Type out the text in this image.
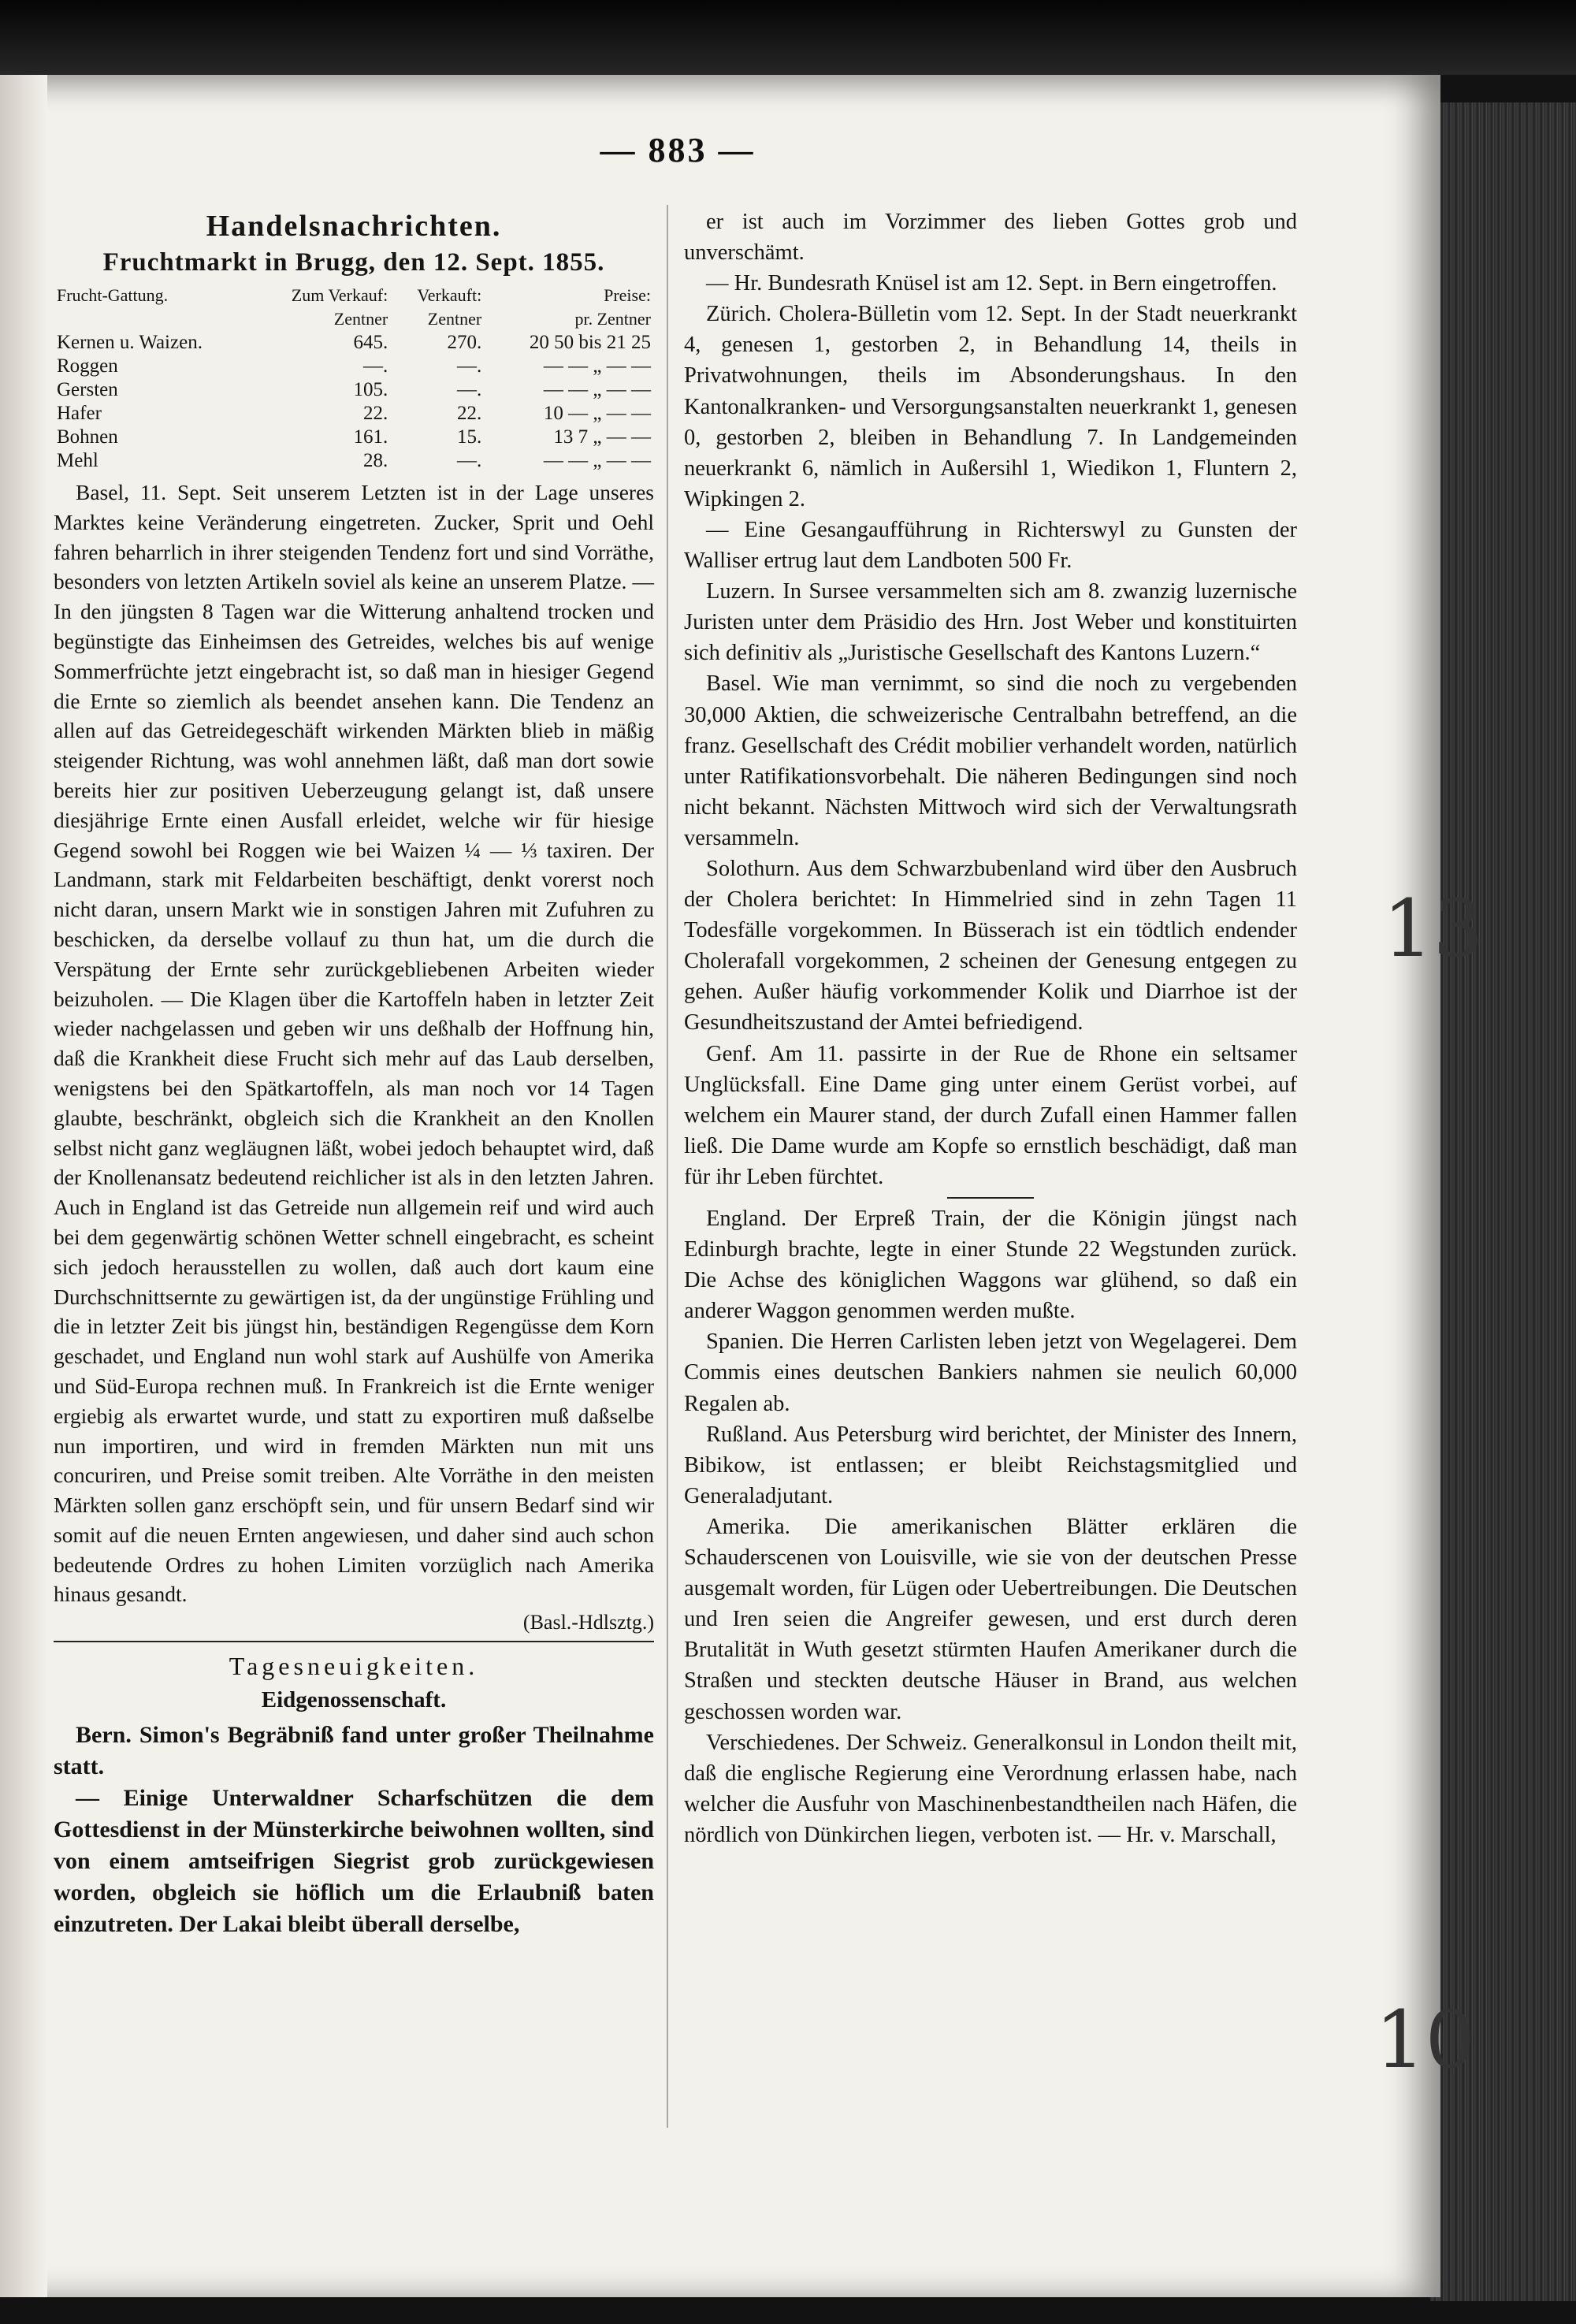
— 883 —
Handelsnachrichten.
Fruchtmarkt in Brugg, den 12. Sept. 1855.
Frucht-Gattung.	Zum Verkauf:	Verkauft:	Preise:
	Zentner	Zentner	pr. Zentner
Kernen u. Waizen.	645.	270.	20 50 bis 21 25
Roggen	—.	—.	— — „ — —
Gersten	105.	—.	— — „ — —
Hafer	22.	22.	10 — „ — —
Bohnen	161.	15.	13 7 „ — —
Mehl	28.	—.	— — „ — —

Basel, 11. Sept. Seit unserem Letzten ist in der Lage unseres Marktes keine Veränderung eingetreten. Zucker, Sprit und Oehl fahren beharrlich in ihrer steigenden Tendenz fort und sind Vorräthe, besonders von letzten Artikeln soviel als keine an unserem Platze. — In den jüngsten 8 Tagen war die Witterung anhaltend trocken und begünstigte das Einheimsen des Getreides, welches bis auf wenige Sommerfrüchte jetzt eingebracht ist, so daß man in hiesiger Gegend die Ernte so ziemlich als beendet ansehen kann. Die Tendenz an allen auf das Getreidegeschäft wirkenden Märkten blieb in mäßig steigender Richtung, was wohl annehmen läßt, daß man dort sowie bereits hier zur positiven Ueberzeugung gelangt ist, daß unsere diesjährige Ernte einen Ausfall erleidet, welche wir für hiesige Gegend sowohl bei Roggen wie bei Waizen ¼ — ⅓ taxiren. Der Landmann, stark mit Feldarbeiten beschäftigt, denkt vorerst noch nicht daran, unsern Markt wie in sonstigen Jahren mit Zufuhren zu beschicken, da derselbe vollauf zu thun hat, um die durch die Verspätung der Ernte sehr zurückgebliebenen Arbeiten wieder beizuholen. — Die Klagen über die Kartoffeln haben in letzter Zeit wieder nachgelassen und geben wir uns deßhalb der Hoffnung hin, daß die Krankheit diese Frucht sich mehr auf das Laub derselben, wenigstens bei den Spätkartoffeln, als man noch vor 14 Tagen glaubte, beschränkt, obgleich sich die Krankheit an den Knollen selbst nicht ganz wegläugnen läßt, wobei jedoch behauptet wird, daß der Knollenansatz bedeutend reichlicher ist als in den letzten Jahren. Auch in England ist das Getreide nun allgemein reif und wird auch bei dem gegenwärtig schönen Wetter schnell eingebracht, es scheint sich jedoch herausstellen zu wollen, daß auch dort kaum eine Durchschnittsernte zu gewärtigen ist, da der ungünstige Frühling und die in letzter Zeit bis jüngst hin, beständigen Regengüsse dem Korn geschadet, und England nun wohl stark auf Aushülfe von Amerika und Süd-Europa rechnen muß. In Frankreich ist die Ernte weniger ergiebig als erwartet wurde, und statt zu exportiren muß daßselbe nun importiren, und wird in fremden Märkten nun mit uns concuriren, und Preise somit treiben. Alte Vorräthe in den meisten Märkten sollen ganz erschöpft sein, und für unsern Bedarf sind wir somit auf die neuen Ernten angewiesen, und daher sind auch schon bedeutende Ordres zu hohen Limiten vorzüglich nach Amerika hinaus gesandt.

(Basl.-Hdlsztg.)
Tagesneuigkeiten.
Eidgenossenschaft.

Bern. Simon's Begräbniß fand unter großer Theilnahme statt.

— Einige Unterwaldner Scharfschützen die dem Gottesdienst in der Münsterkirche beiwohnen wollten, sind von einem amtseifrigen Siegrist grob zurückgewiesen worden, obgleich sie höflich um die Erlaubniß baten einzutreten. Der Lakai bleibt überall derselbe,

er ist auch im Vorzimmer des lieben Gottes grob und unverschämt.

— Hr. Bundesrath Knüsel ist am 12. Sept. in Bern eingetroffen.

Zürich. Cholera-Bülletin vom 12. Sept. In der Stadt neuerkrankt 4, genesen 1, gestorben 2, in Behandlung 14, theils in Privatwohnungen, theils im Absonderungshaus. In den Kantonalkranken- und Versorgungsanstalten neuerkrankt 1, genesen 0, gestorben 2, bleiben in Behandlung 7. In Landgemeinden neuerkrankt 6, nämlich in Außersihl 1, Wiedikon 1, Fluntern 2, Wipkingen 2.

— Eine Gesangaufführung in Richterswyl zu Gunsten der Walliser ertrug laut dem Landboten 500 Fr.

Luzern. In Sursee versammelten sich am 8. zwanzig luzernische Juristen unter dem Präsidio des Hrn. Jost Weber und konstituirten sich definitiv als „Juristische Gesellschaft des Kantons Luzern.“

Basel. Wie man vernimmt, so sind die noch zu vergebenden 30,000 Aktien, die schweizerische Centralbahn betreffend, an die franz. Gesellschaft des Crédit mobilier verhandelt worden, natürlich unter Ratifikationsvorbehalt. Die näheren Bedingungen sind noch nicht bekannt. Nächsten Mittwoch wird sich der Verwaltungsrath versammeln.

Solothurn. Aus dem Schwarzbubenland wird über den Ausbruch der Cholera berichtet: In Himmelried sind in zehn Tagen 11 Todesfälle vorgekommen. In Büsserach ist ein tödtlich endender Cholerafall vorgekommen, 2 scheinen der Genesung entgegen zu gehen. Außer häufig vorkommender Kolik und Diarrhoe ist der Gesundheitszustand der Amtei befriedigend.

Genf. Am 11. passirte in der Rue de Rhone ein seltsamer Unglücksfall. Eine Dame ging unter einem Gerüst vorbei, auf welchem ein Maurer stand, der durch Zufall einen Hammer fallen ließ. Die Dame wurde am Kopfe so ernstlich beschädigt, daß man für ihr Leben fürchtet.

England. Der Erpreß Train, der die Königin jüngst nach Edinburgh brachte, legte in einer Stunde 22 Wegstunden zurück. Die Achse des königlichen Waggons war glühend, so daß ein anderer Waggon genommen werden mußte.

Spanien. Die Herren Carlisten leben jetzt von Wegelagerei. Dem Commis eines deutschen Bankiers nahmen sie neulich 60,000 Regalen ab.

Rußland. Aus Petersburg wird berichtet, der Minister des Innern, Bibikow, ist entlassen; er bleibt Reichstagsmitglied und Generaladjutant.

Amerika. Die amerikanischen Blätter erklären die Schauderscenen von Louisville, wie sie von der deutschen Presse ausgemalt worden, für Lügen oder Uebertreibungen. Die Deutschen und Iren seien die Angreifer gewesen, und erst durch deren Brutalität in Wuth gesetzt stürmten Haufen Amerikaner durch die Straßen und steckten deutsche Häuser in Brand, aus welchen geschossen worden war.

Verschiedenes. Der Schweiz. Generalkonsul in London theilt mit, daß die englische Regierung eine Verordnung erlassen habe, nach welcher die Ausfuhr von Maschinenbestandtheilen nach Häfen, die nördlich von Dünkirchen liegen, verboten ist. — Hr. v. Marschall,

13
10
